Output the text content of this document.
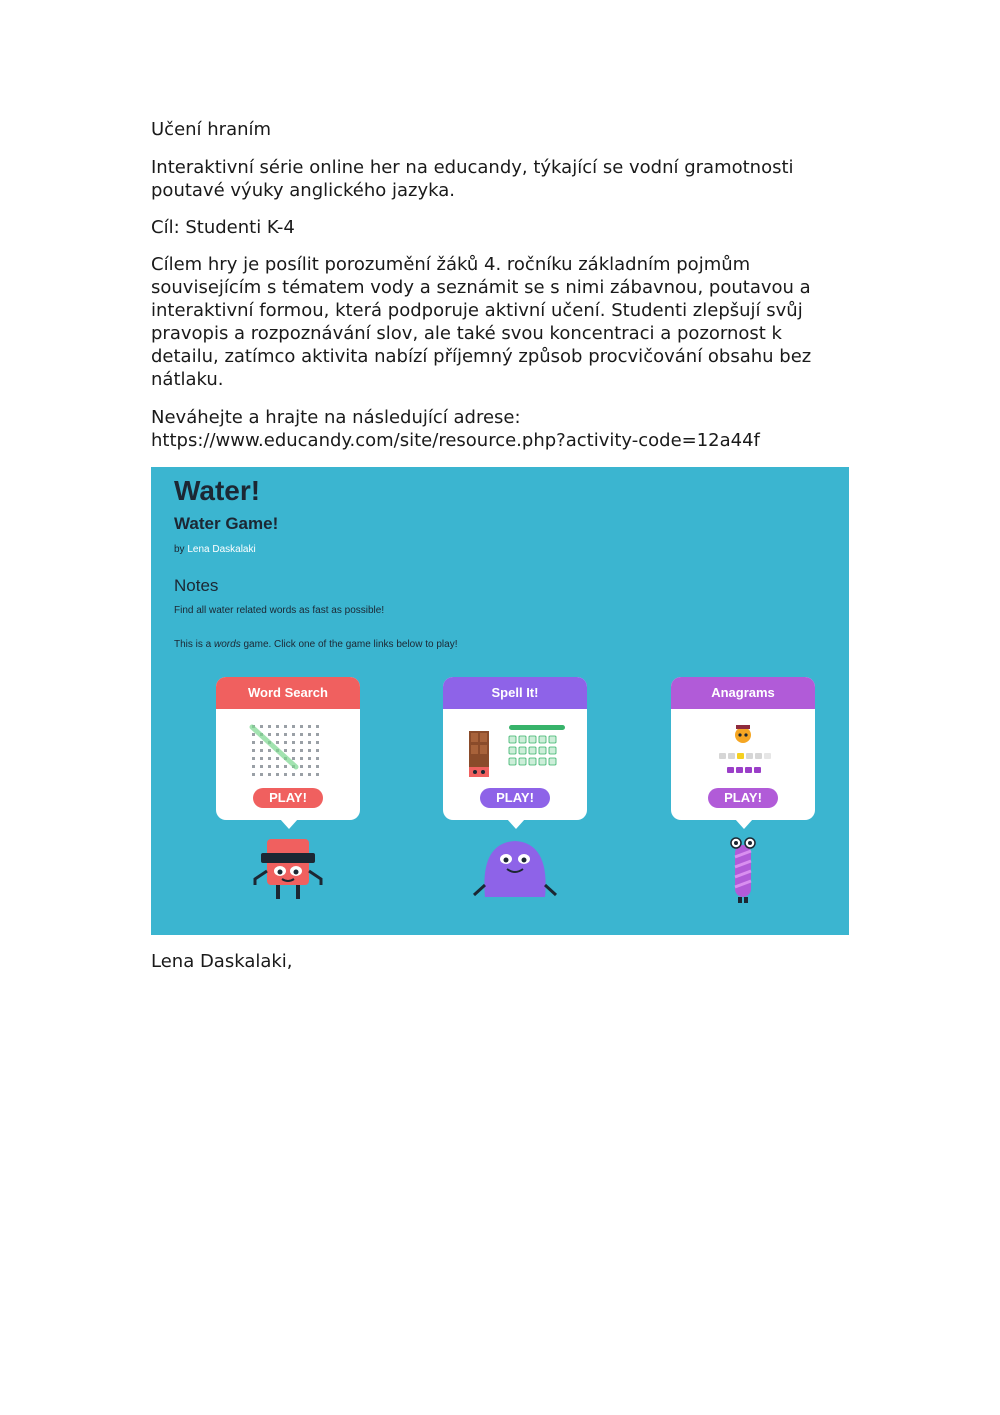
Učení hraním

Interaktivní série online her na educandy, týkající se vodní gramotnosti poutavé výuky anglického jazyka.

Cíl: Studenti K-4

Cílem hry je posílit porozumění žáků 4. ročníku základním pojmům souvisejícím s tématem vody a seznámit se s nimi zábavnou, poutavou a interaktivní formou, která podporuje aktivní učení. Studenti zlepšují svůj pravopis a rozpoznávání slov, ale také svou koncentraci a pozornost k detailu, zatímco aktivita nabízí příjemný způsob procvičování obsahu bez nátlaku.

Neváhejte a hrajte na následující adrese:
https://www.educandy.com/site/resource.php?activity-code=12a44f

Lena Daskalaki,

Water!
Water Game!
by Lena Daskalaki
Notes
Find all water related words as fast as possible!
This is a words game. Click one of the game links below to play!
Word Search
PLAY!
Spell It!
PLAY!
Anagrams
PLAY!
